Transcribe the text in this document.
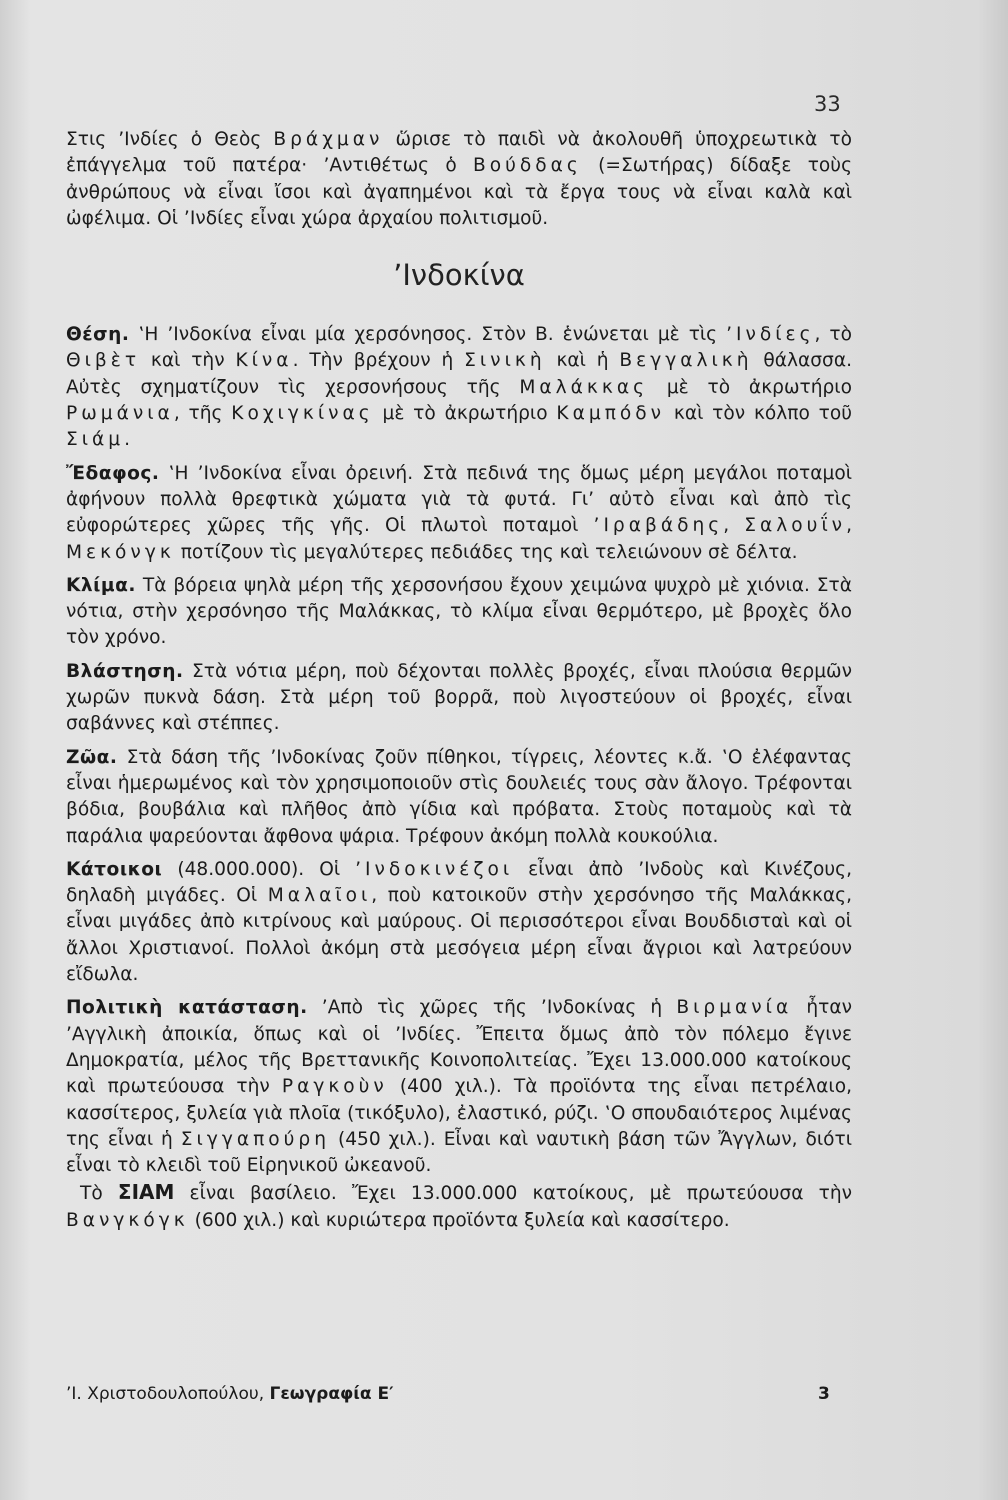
33

Στις ’Ινδίες ὁ Θεὸς Βράχμαν ὥρισε τὸ παιδὶ νὰ ἀκολουθῆ ὑποχρεωτικὰ τὸ ἐπάγγελμα τοῦ πατέρα· ’Αντιθέτως ὁ Βούδδας (=Σωτήρας) δίδαξε τοὺς ἀνθρώπους νὰ εἶναι ἴσοι καὶ ἀγαπημένοι καὶ τὰ ἔργα τους νὰ εἶναι καλὰ καὶ ὠφέλιμα. Οἱ ’Ινδίες εἶναι χώρα ἀρχαίου πολιτισμοῦ.

’Ινδοκίνα

Θέση. ‛Η ’Ινδοκίνα εἶναι μία χερσόνησος. Στὸν Β. ἑνώνεται μὲ τὶς ’Ινδίες, τὸ Θιβὲτ καὶ τὴν Κίνα. Τὴν βρέχουν ἡ Σινικὴ καὶ ἡ Βεγγαλικὴ θάλασσα. Αὐτὲς σχηματίζουν τὶς χερσονήσους τῆς Μαλάκκας μὲ τὸ ἀκρωτήριο Ρωμάνια, τῆς Κοχιγκίνας μὲ τὸ ἀκρωτήριο Καμπόδν καὶ τὸν κόλπο τοῦ Σιάμ.

Ἔδαφος. ‛Η ’Ινδοκίνα εἶναι ὀρεινή. Στὰ πεδινά της ὅμως μέρη μεγάλοι ποταμοὶ ἀφήνουν πολλὰ θρεφτικὰ χώματα γιὰ τὰ φυτά. Γι’ αὐτὸ εἶναι καὶ ἀπὸ τὶς εὐφορώτερες χῶρες τῆς γῆς. Οἱ πλωτοὶ ποταμοὶ ’Ιραβάδης, Σαλουΐν, Μεκόνγκ ποτίζουν τὶς μεγαλύτερες πεδιάδες της καὶ τελειώνουν σὲ δέλτα.

Κλίμα. Τὰ βόρεια ψηλὰ μέρη τῆς χερσονήσου ἔχουν χειμώνα ψυχρὸ μὲ χιόνια. Στὰ νότια, στὴν χερσόνησο τῆς Μαλάκκας, τὸ κλίμα εἶναι θερμότερο, μὲ βροχὲς ὅλο τὸν χρόνο.

Βλάστηση. Στὰ νότια μέρη, ποὺ δέχονται πολλὲς βροχές, εἶναι πλούσια θερμῶν χωρῶν πυκνὰ δάση. Στὰ μέρη τοῦ βορρᾶ, ποὺ λιγοστεύουν οἱ βροχές, εἶναι σαβάννες καὶ στέππες.

Ζῶα. Στὰ δάση τῆς ’Ινδοκίνας ζοῦν πίθηκοι, τίγρεις, λέοντες κ.ἄ. ‛Ο ἐλέφαντας εἶναι ἡμερωμένος καὶ τὸν χρησιμοποιοῦν στὶς δουλειές τους σὰν ἄλογο. Τρέφονται βόδια, βουβάλια καὶ πλῆθος ἀπὸ γίδια καὶ πρόβατα. Στοὺς ποταμοὺς καὶ τὰ παράλια ψαρεύονται ἄφθονα ψάρια. Τρέφουν ἀκόμη πολλὰ κουκούλια.

Κάτοικοι (48.000.000). Οἱ ’Ινδοκινέζοι εἶναι ἀπὸ ’Ινδοὺς καὶ Κινέζους, δηλαδὴ μιγάδες. Οἱ Μαλαῖοι, ποὺ κατοικοῦν στὴν χερσόνησο τῆς Μαλάκκας, εἶναι μιγάδες ἀπὸ κιτρίνους καὶ μαύρους. Οἱ περισσότεροι εἶναι Βουδδισταὶ καὶ οἱ ἄλλοι Χριστιανοί. Πολλοὶ ἀκόμη στὰ μεσόγεια μέρη εἶναι ἄγριοι καὶ λατρεύουν εἴδωλα.

Πολιτικὴ κατάσταση. ’Απὸ τὶς χῶρες τῆς ’Ινδοκίνας ἡ Βιρμανία ἦταν ’Αγγλικὴ ἀποικία, ὅπως καὶ οἱ ’Ινδίες. Ἔπειτα ὅμως ἀπὸ τὸν πόλεμο ἔγινε Δημοκρατία, μέλος τῆς Βρεττανικῆς Κοινοπολιτείας. Ἔχει 13.000.000 κατοίκους καὶ πρωτεύουσα τὴν Ραγκοὺν (400 χιλ.). Τὰ προϊόντα της εἶναι πετρέλαιο, κασσίτερος, ξυλεία γιὰ πλοῖα (τικόξυλο), ἐλαστικό, ρύζι. ‛Ο σπουδαιότερος λιμένας της εἶναι ἡ Σιγγαπούρη (450 χιλ.). Εἶναι καὶ ναυτικὴ βάση τῶν Ἄγγλων, διότι εἶναι τὸ κλειδὶ τοῦ Εἰρηνικοῦ ὠκεανοῦ.

Τὸ ΣΙΑΜ εἶναι βασίλειο. Ἔχει 13.000.000 κατοίκους, μὲ πρωτεύουσα τὴν Βανγκόγκ (600 χιλ.) καὶ κυριώτερα προϊόντα ξυλεία καὶ κασσίτερο.

’Ι. Χριστοδουλοπούλου, Γεωγραφία Ε′	3
